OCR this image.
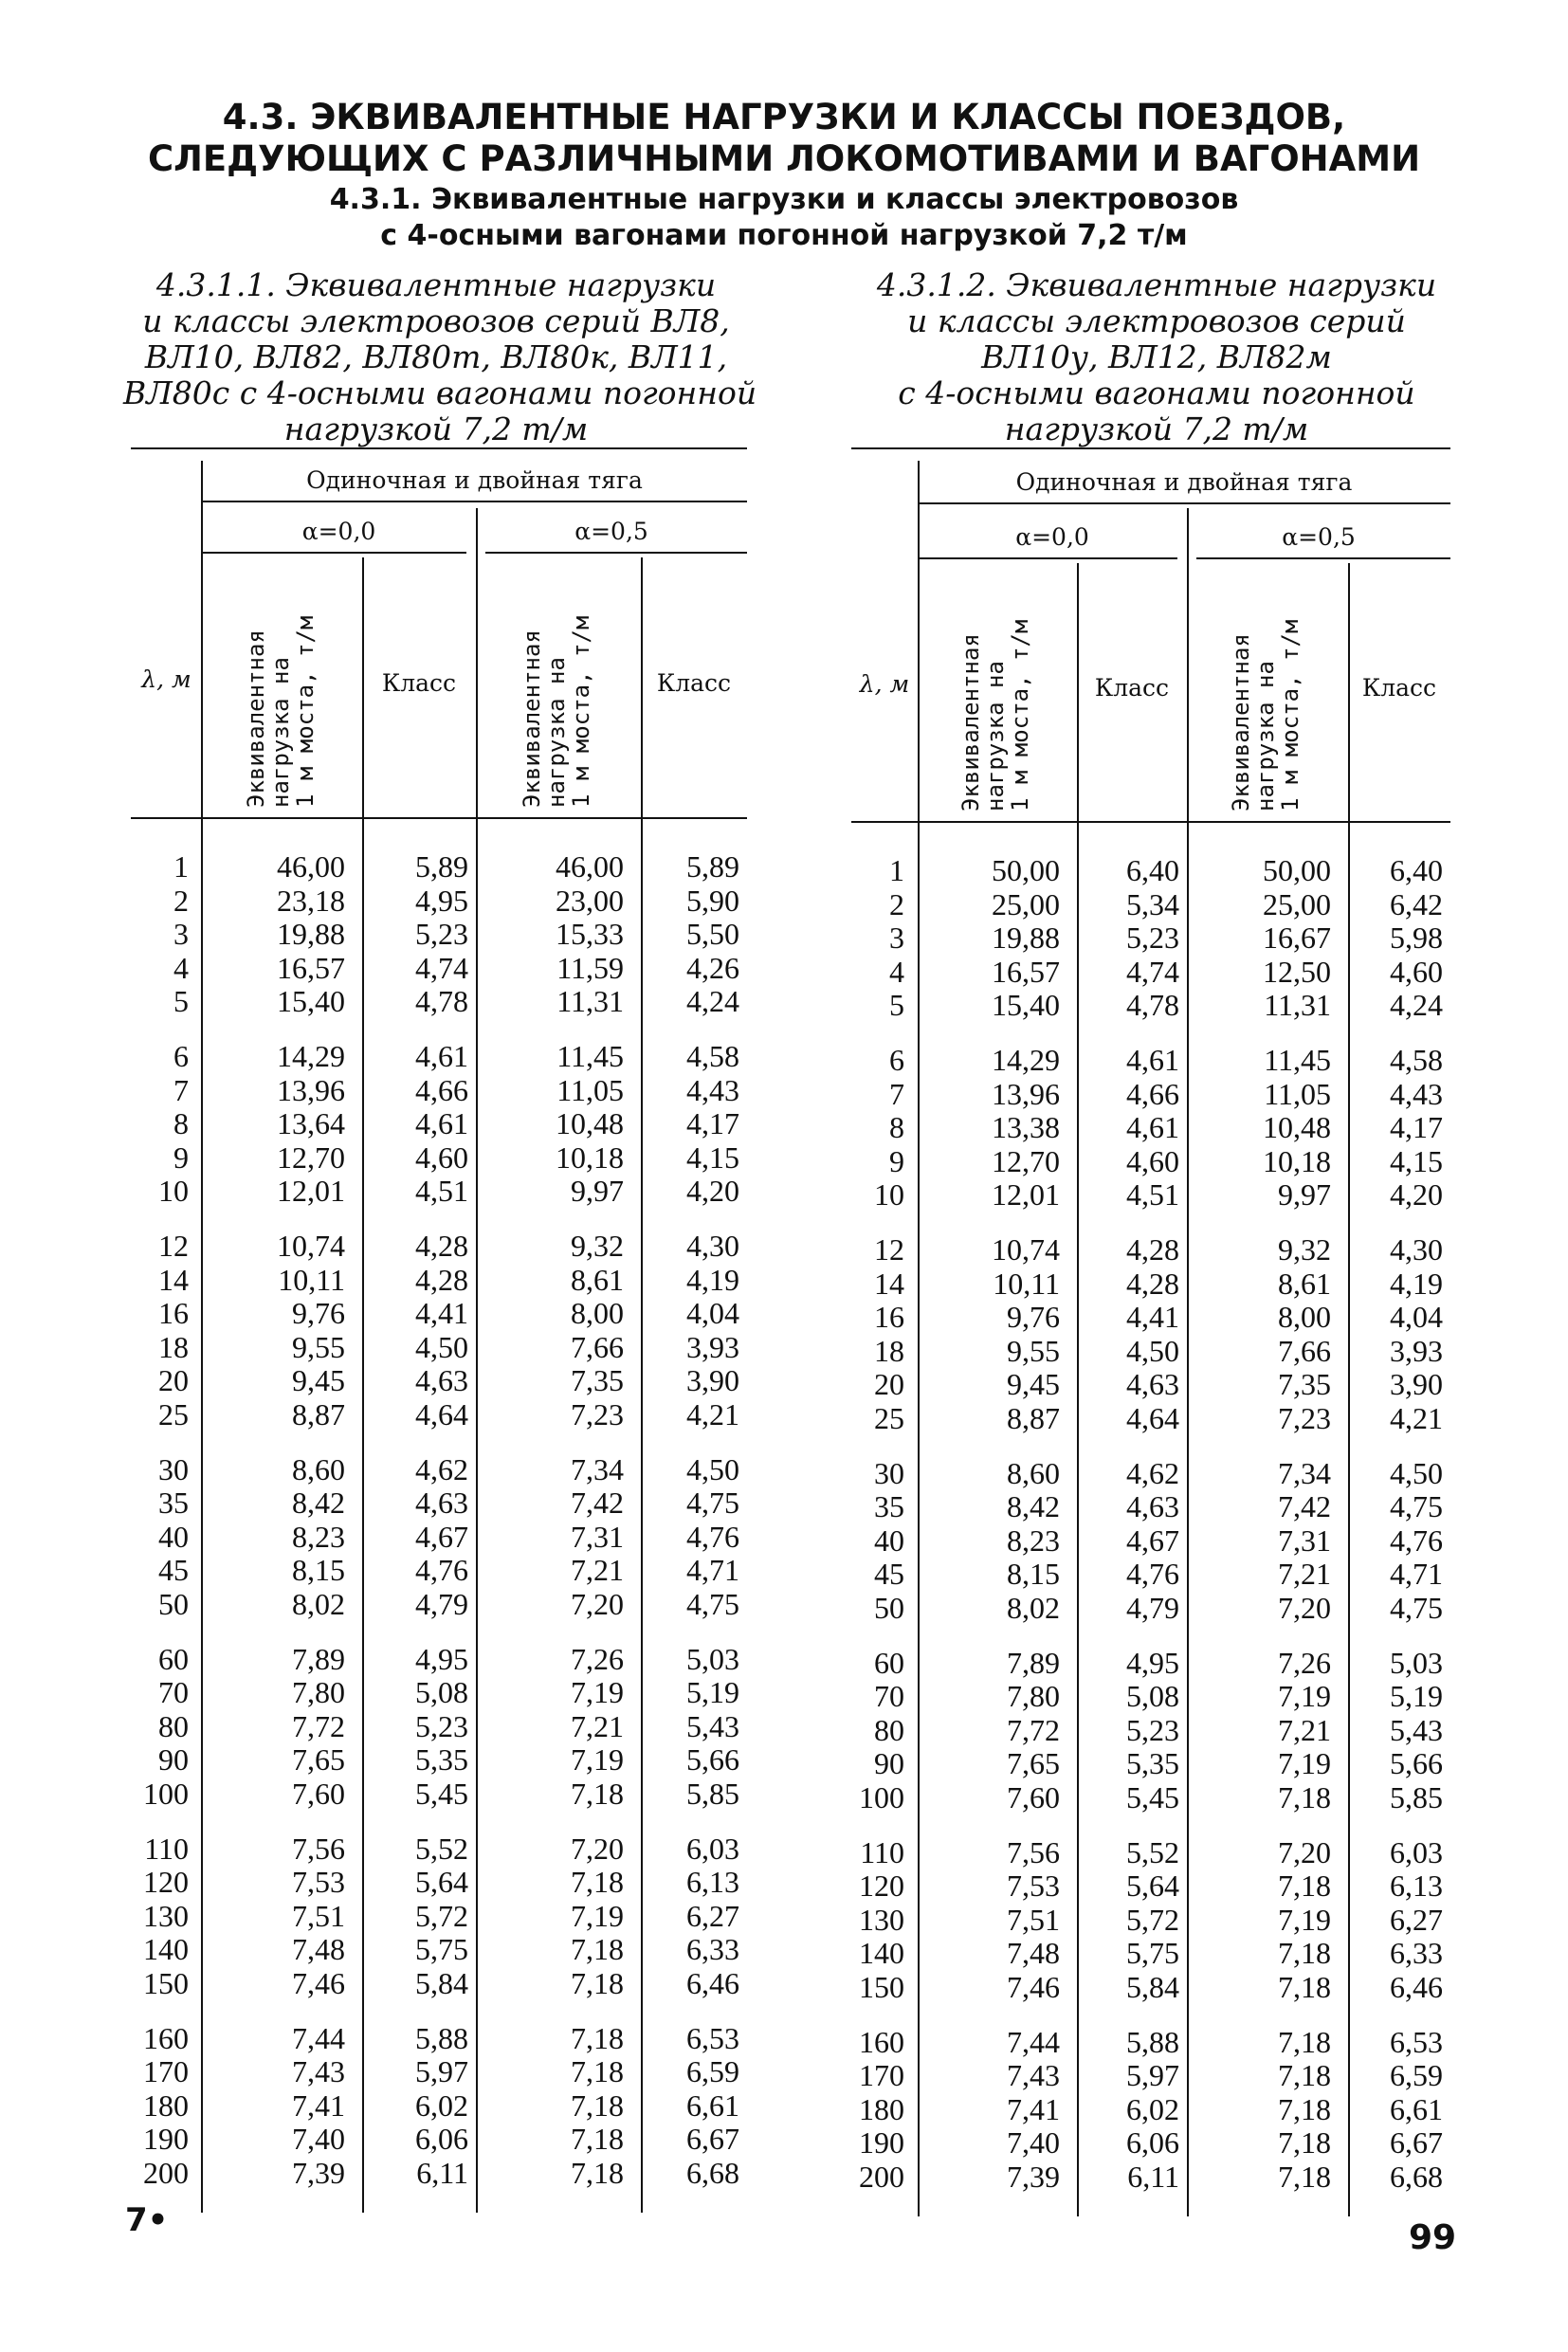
4.3. ЭКВИВАЛЕНТНЫЕ НАГРУЗКИ И КЛАССЫ ПОЕЗДОВ,
СЛЕДУЮЩИХ С РАЗЛИЧНЫМИ ЛОКОМОТИВАМИ И ВАГОНАМИ
4.3.1. Эквивалентные нагрузки и классы электровозов
с 4-осными вагонами погонной нагрузкой 7,2 т/м
4.3.1.1. Эквивалентные нагрузки
и классы электровозов серий ВЛ8,
ВЛ10, ВЛ82, ВЛ80т, ВЛ80к, ВЛ11,
ВЛ80с с 4-осными вагонами погонной
нагрузкой 7,2 т/м
4.3.1.2. Эквивалентные нагрузки
и классы электровозов серий
ВЛ10у, ВЛ12, ВЛ82м
с 4-осными вагонами погонной
нагрузкой 7,2 т/м
Одиночная и двойная тяга
α=0,0	α=0,5
λ, м	Эквивалентная
нагрузка на
1 м моста, т/м	Эквивалентная
нагрузка на
1 м моста, т/м
Класс	Класс
1	46,00 5,89	46,00 5,89
2	23,18 4,95	23,00 5,90
3	19,88 5,23	15,33 5,50
4	16,57 4,74	11,59 4,26
5	15,40 4,78	11,31 4,24
6	14,29 4,61	11,45 4,58
7	13,96 4,66	11,05 4,43
8	13,64 4,61	10,48 4,17
9	12,70 4,60	10,18 4,15
10	12,01 4,51	9,97 4,20
12	10,74 4,28	9,32 4,30
14	10,11 4,28	8,61 4,19
16	9,76 4,41	8,00 4,04
18	9,55 4,50	7,66 3,93
20	9,45 4,63	7,35 3,90
25	8,87 4,64	7,23 4,21
30	8,60 4,62	7,34 4,50
35	8,42 4,63	7,42 4,75
40	8,23 4,67	7,31 4,76
45	8,15 4,76	7,21 4,71
50	8,02 4,79	7,20 4,75
60	7,89 4,95	7,26 5,03
70	7,80 5,08	7,19 5,19
80	7,72 5,23	7,21 5,43
90	7,65 5,35	7,19 5,66
100	7,60 5,45	7,18 5,85
110	7,56 5,52	7,20 6,03
120	7,53 5,64	7,18 6,13
130	7,51 5,72	7,19 6,27
140	7,48 5,75	7,18 6,33
150	7,46 5,84	7,18 6,46
160	7,44 5,88	7,18 6,53
170	7,43 5,97	7,18 6,59
180	7,41 6,02	7,18 6,61
190	7,40 6,06	7,18 6,67
200	7,39 6,11	7,18 6,68
Одиночная и двойная тяга
α=0,0	α=0,5
λ, м	Эквивалентная
нагрузка на
1 м моста, т/м	Эквивалентная
нагрузка на
1 м моста, т/м
Класс	Класс
1	50,00 6,40	50,00 6,40
2	25,00 5,34	25,00 6,42
3	19,88 5,23	16,67 5,98
4	16,57 4,74	12,50 4,60
5	15,40 4,78	11,31 4,24
6	14,29 4,61	11,45 4,58
7	13,96 4,66	11,05 4,43
8	13,38 4,61	10,48 4,17
9	12,70 4,60	10,18 4,15
10	12,01 4,51	9,97 4,20
12	10,74 4,28	9,32 4,30
14	10,11 4,28	8,61 4,19
16	9,76 4,41	8,00 4,04
18	9,55 4,50	7,66 3,93
20	9,45 4,63	7,35 3,90
25	8,87 4,64	7,23 4,21
30	8,60 4,62	7,34 4,50
35	8,42 4,63	7,42 4,75
40	8,23 4,67	7,31 4,76
45	8,15 4,76	7,21 4,71
50	8,02 4,79	7,20 4,75
60	7,89 4,95	7,26 5,03
70	7,80 5,08	7,19 5,19
80	7,72 5,23	7,21 5,43
90	7,65 5,35	7,19 5,66
100	7,60 5,45	7,18 5,85
110	7,56 5,52	7,20 6,03
120	7,53 5,64	7,18 6,13
130	7,51 5,72	7,19 6,27
140	7,48 5,75	7,18 6,33
150	7,46 5,84	7,18 6,46
160	7,44 5,88	7,18 6,53
170	7,43 5,97	7,18 6,59
180	7,41 6,02	7,18 6,61
190	7,40 6,06	7,18 6,67
200	7,39 6,11	7,18 6,68
7•	99
